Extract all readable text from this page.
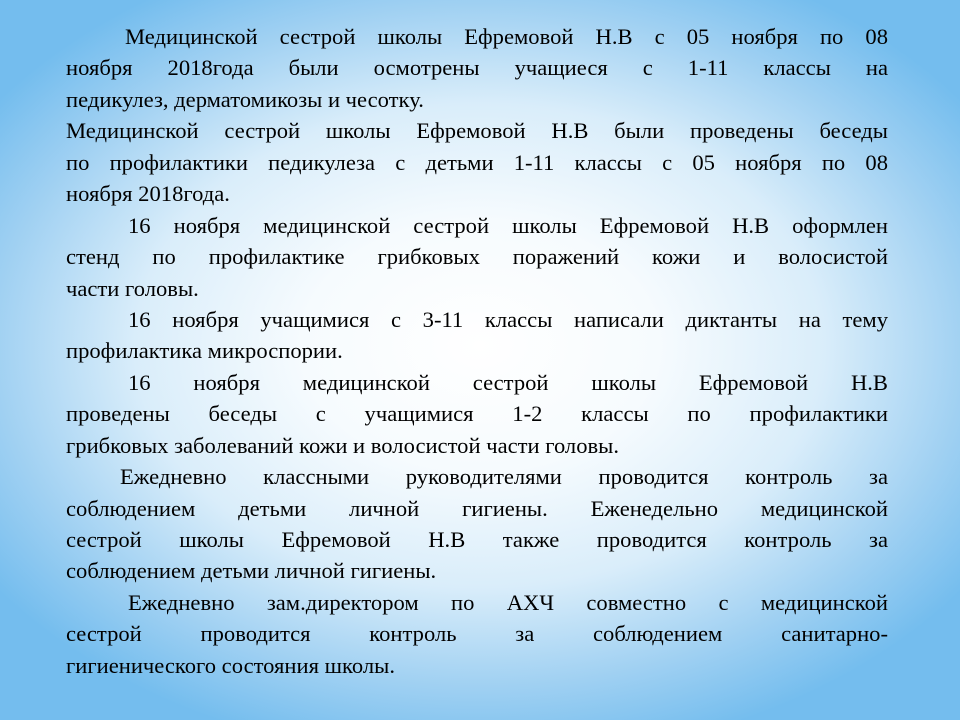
Медицинской сестрой школы Ефремовой Н.В с 05 ноября по 08
ноября 2018года были осмотрены учащиеся с 1-11 классы на
педикулез, дерматомикозы и чесотку.
Медицинской сестрой школы Ефремовой Н.В были проведены беседы
по профилактики педикулеза с детьми 1-11 классы с 05 ноября по 08
ноября 2018года.
16 ноября медицинской сестрой школы Ефремовой Н.В оформлен
стенд по профилактике грибковых поражений кожи и волосистой
части головы.
16 ноября учащимися с 3-11 классы написали диктанты на тему
профилактика микроспории.
16 ноября медицинской сестрой школы Ефремовой Н.В
проведены беседы с учащимися 1-2 классы по профилактики
грибковых заболеваний кожи и волосистой части головы.
Ежедневно классными руководителями проводится контроль за
соблюдением детьми личной гигиены. Еженедельно медицинской
сестрой школы Ефремовой Н.В также проводится контроль за
соблюдением детьми личной гигиены.
Ежедневно зам.директором по АХЧ совместно с медицинской
сестрой проводится контроль за соблюдением санитарно-
гигиенического состояния школы.
